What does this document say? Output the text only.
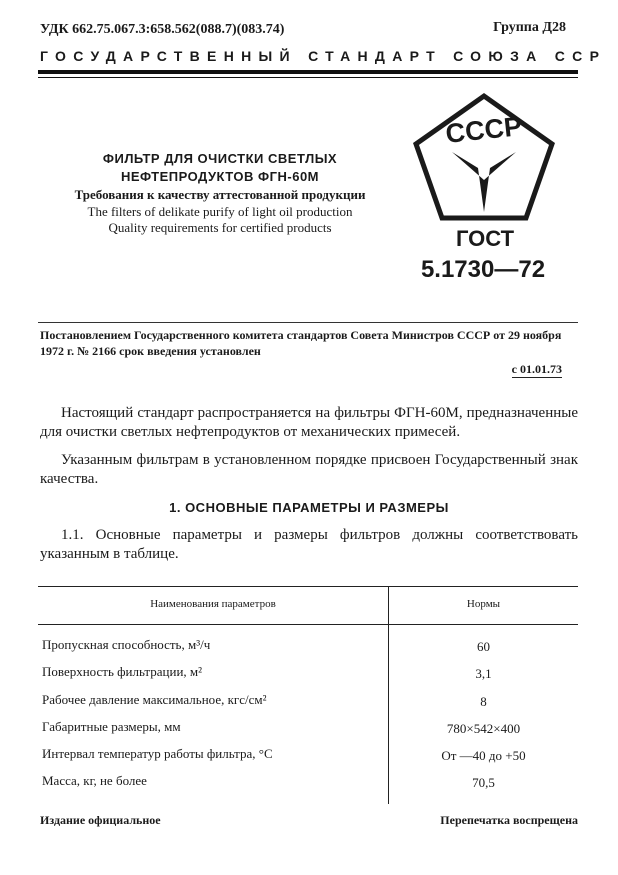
УДК 662.75.067.3:658.562(088.7)(083.74)	Группа Д28
ГОСУДАРСТВЕННЫЙ СТАНДАРТ СОЮЗА ССР
ФИЛЬТР ДЛЯ ОЧИСТКИ СВЕТЛЫХ
НЕФТЕПРОДУКТОВ ФГН-60М
Требования к качеству аттестованной продукции
The filters of delikate purify of light oil production
Quality requirements for certified products
СССР
ГОСТ
5.1730—72
Постановлением Государственного комитета стандартов Совета Министров СССР от 29 ноября 1972 г. № 2166 срок введения установлен
с 01.01.73
Настоящий стандарт распространяется на фильтры ФГН-60М, предназначенные для очистки светлых нефтепродуктов от механических примесей.
Указанным фильтрам в установленном порядке присвоен Государственный знак качества.
1. ОСНОВНЫЕ ПАРАМЕТРЫ И РАЗМЕРЫ
1.1. Основные параметры и размеры фильтров должны соответствовать указанным в таблице.
Наименования параметров	Нормы
Пропускная способность, м³/ч	60
Поверхность фильтрации, м²	3,1
Рабочее давление максимальное, кгс/см²	8
Габаритные размеры, мм	780×542×400
Интервал температур работы фильтра, °С	От —40 до +50
Масса, кг, не более	70,5
Издание официальное	Перепечатка воспрещена
